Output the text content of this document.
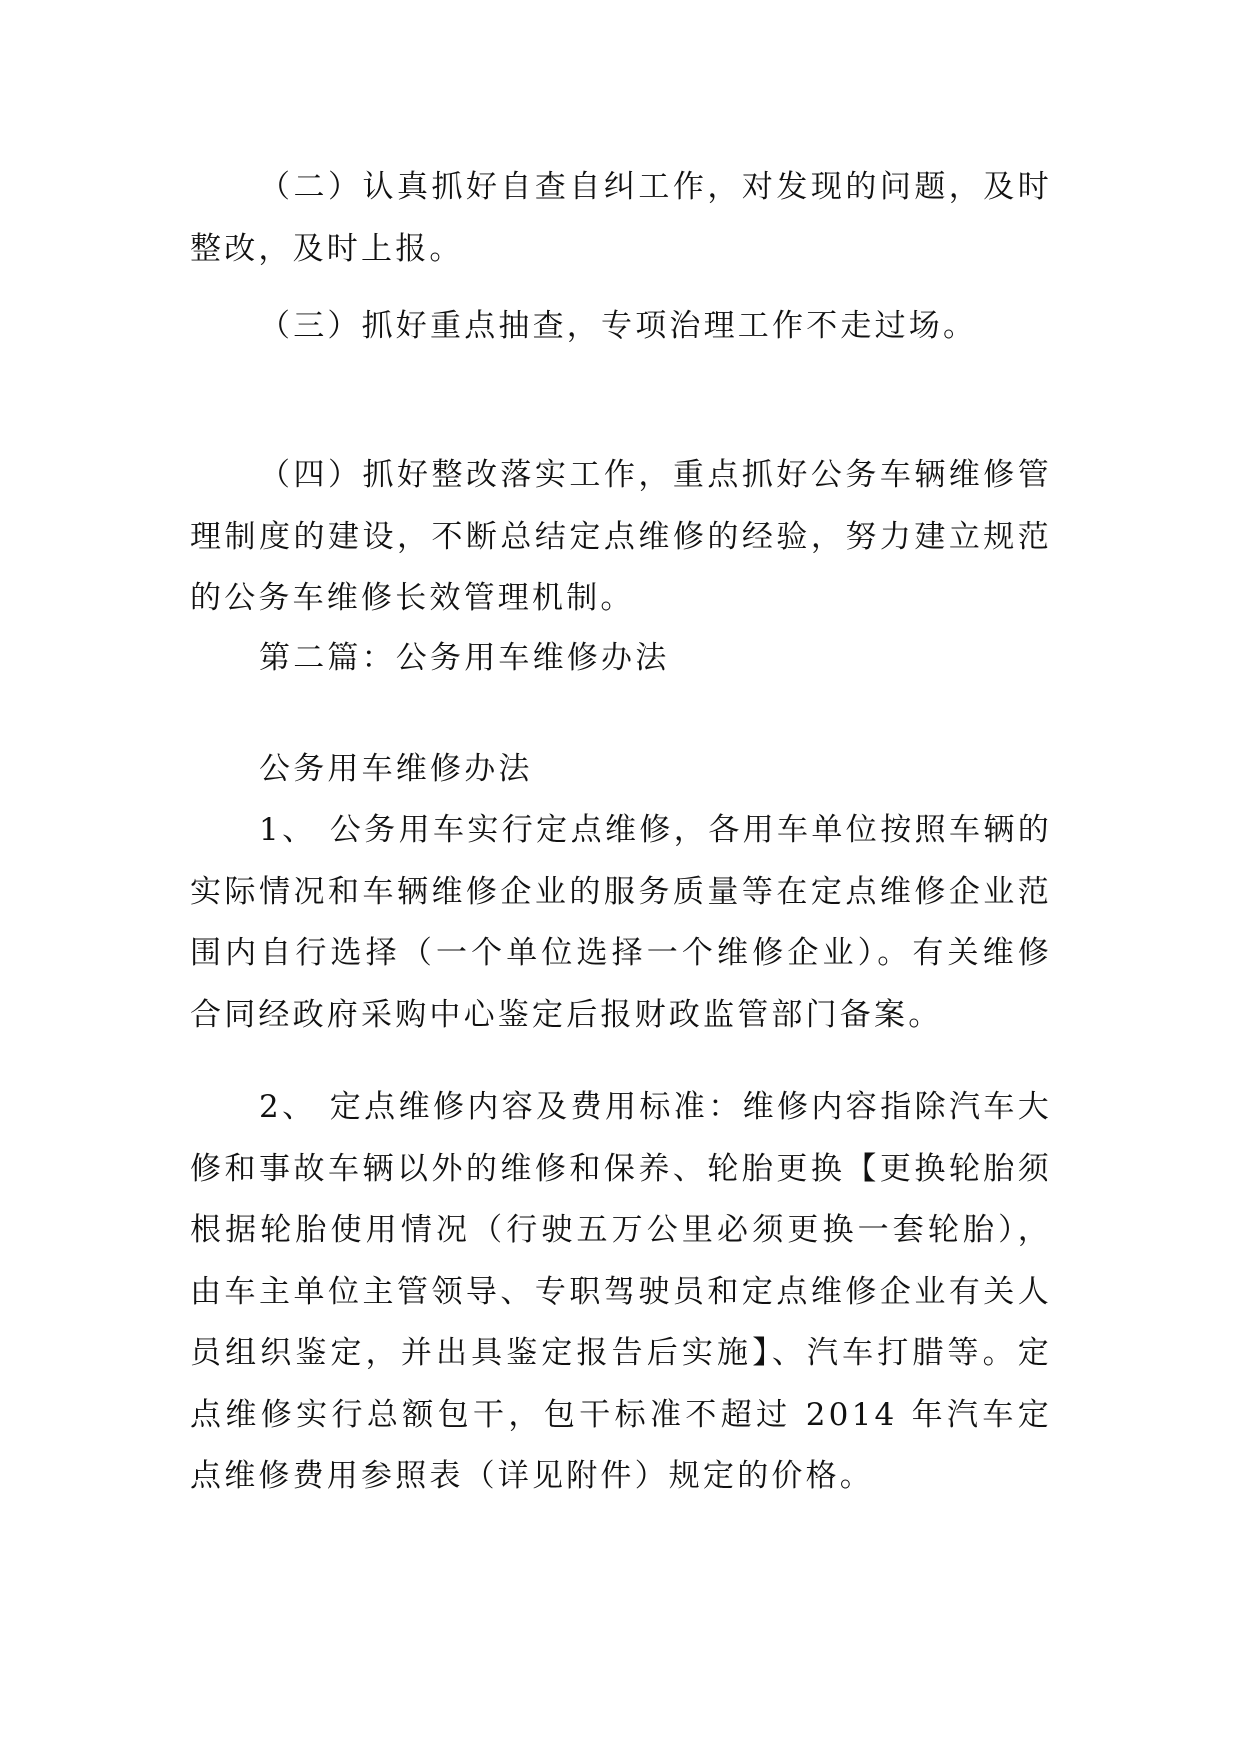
（二）认真抓好自查自纠工作，对发现的问题，及时整改，及时上报。

（三）抓好重点抽查，专项治理工作不走过场。

（四）抓好整改落实工作，重点抓好公务车辆维修管理制度的建设，不断总结定点维修的经验，努力建立规范的公务车维修长效管理机制。

第二篇：公务用车维修办法

公务用车维修办法

1、 公务用车实行定点维修，各用车单位按照车辆的实际情况和车辆维修企业的服务质量等在定点维修企业范围内自行选择（一个单位选择一个维修企业）。有关维修合同经政府采购中心鉴定后报财政监管部门备案。

2、 定点维修内容及费用标准：维修内容指除汽车大修和事故车辆以外的维修和保养、轮胎更换【更换轮胎须根据轮胎使用情况（行驶五万公里必须更换一套轮胎），由车主单位主管领导、专职驾驶员和定点维修企业有关人员组织鉴定，并出具鉴定报告后实施】、汽车打腊等。定点维修实行总额包干，包干标准不超过 2014 年汽车定点维修费用参照表（详见附件）规定的价格。
